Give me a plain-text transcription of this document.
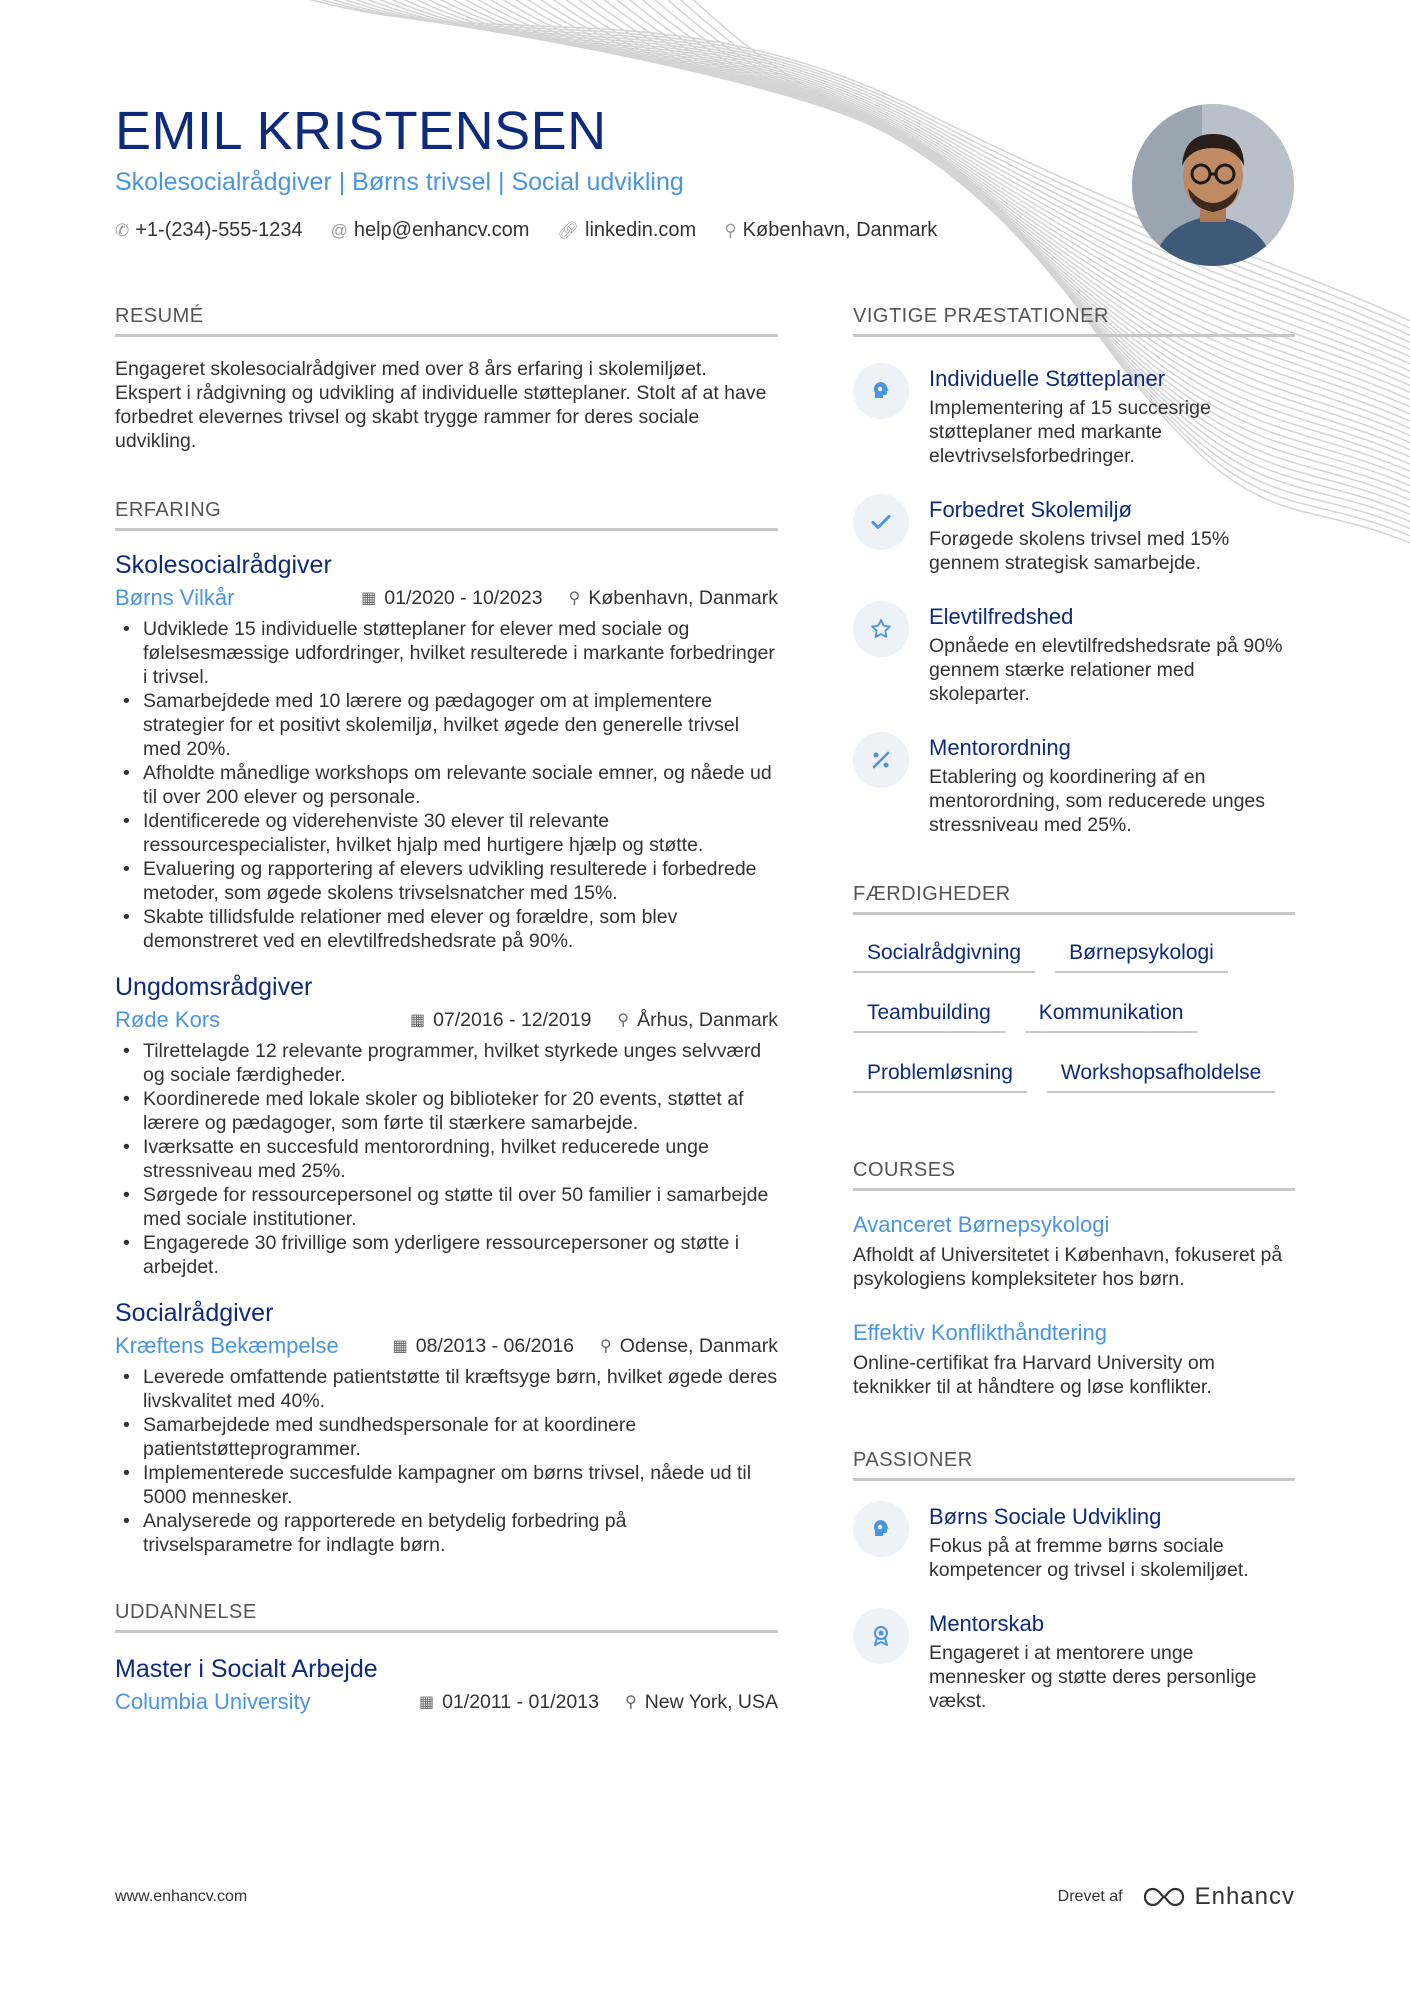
EMIL KRISTENSEN
Skolesocialrådgiver | Børns trivsel | Social udvikling
✆ +1-(234)-555-1234 @ help@enhancv.com 🔗︎ linkedin.com ⚲ København, Danmark
RESUMÉ

Engageret skolesocialrådgiver med over 8 års erfaring i skolemiljøet. Ekspert i rådgivning og udvikling af individuelle støtteplaner. Stolt af at have forbedret elevernes trivsel og skabt trygge rammer for deres sociale udvikling.

ERFARING
Skolesocialrådgiver
Børns Vilkår	▦ 01/2020 - 10/2023 ⚲ København, Danmark
• Udviklede 15 individuelle støtteplaner for elever med sociale og følelsesmæssige udfordringer, hvilket resulterede i markante forbedringer i trivsel.
• Samarbejdede med 10 lærere og pædagoger om at implementere strategier for et positivt skolemiljø, hvilket øgede den generelle trivsel med 20%.
• Afholdte månedlige workshops om relevante sociale emner, og nåede ud til over 200 elever og personale.
• Identificerede og viderehenviste 30 elever til relevante ressourcespecialister, hvilket hjalp med hurtigere hjælp og støtte.
• Evaluering og rapportering af elevers udvikling resulterede i forbedrede metoder, som øgede skolens trivselsnatcher med 15%.
• Skabte tillidsfulde relationer med elever og forældre, som blev demonstreret ved en elevtilfredshedsrate på 90%.
Ungdomsrådgiver
Røde Kors	▦ 07/2016 - 12/2019 ⚲ Århus, Danmark
• Tilrettelagde 12 relevante programmer, hvilket styrkede unges selvværd og sociale færdigheder.
• Koordinerede med lokale skoler og biblioteker for 20 events, støttet af lærere og pædagoger, som førte til stærkere samarbejde.
• Iværksatte en succesfuld mentorordning, hvilket reducerede unge stressniveau med 25%.
• Sørgede for ressourcepersonel og støtte til over 50 familier i samarbejde med sociale institutioner.
• Engagerede 30 frivillige som yderligere ressourcepersoner og støtte i arbejdet.
Socialrådgiver
Kræftens Bekæmpelse	▦ 08/2013 - 06/2016 ⚲ Odense, Danmark
• Leverede omfattende patientstøtte til kræftsyge børn, hvilket øgede deres livskvalitet med 40%.
• Samarbejdede med sundhedspersonale for at koordinere patientstøtteprogrammer.
• Implementerede succesfulde kampagner om børns trivsel, nåede ud til 5000 mennesker.
• Analyserede og rapporterede en betydelig forbedring på trivselsparametre for indlagte børn.
UDDANNELSE
Master i Socialt Arbejde
Columbia University	▦ 01/2011 - 01/2013 ⚲ New York, USA
VIGTIGE PRÆSTATIONER
Individuelle Støtteplaner
Implementering af 15 succesrige støtteplaner med markante elevtrivselsforbedringer.
Forbedret Skolemiljø
Forøgede skolens trivsel med 15% gennem strategisk samarbejde.
Elevtilfredshed
Opnåede en elevtilfredshedsrate på 90% gennem stærke relationer med skoleparter.
Mentorordning
Etablering og koordinering af en mentorordning, som reducerede unges stressniveau med 25%.
FÆRDIGHEDER
Socialrådgivning	Børnepsykologi
Teambuilding	Kommunikation
Problemløsning	Workshopsafholdelse
COURSES
Avanceret Børnepsykologi
Afholdt af Universitetet i København, fokuseret på psykologiens kompleksiteter hos børn.
Effektiv Konflikthåndtering
Online-certifikat fra Harvard University om teknikker til at håndtere og løse konflikter.
PASSIONER
Børns Sociale Udvikling
Fokus på at fremme børns sociale kompetencer og trivsel i skolemiljøet.
Mentorskab
Engageret i at mentorere unge mennesker og støtte deres personlige vækst.
www.enhancv.com	Drevet af	Enhancv
